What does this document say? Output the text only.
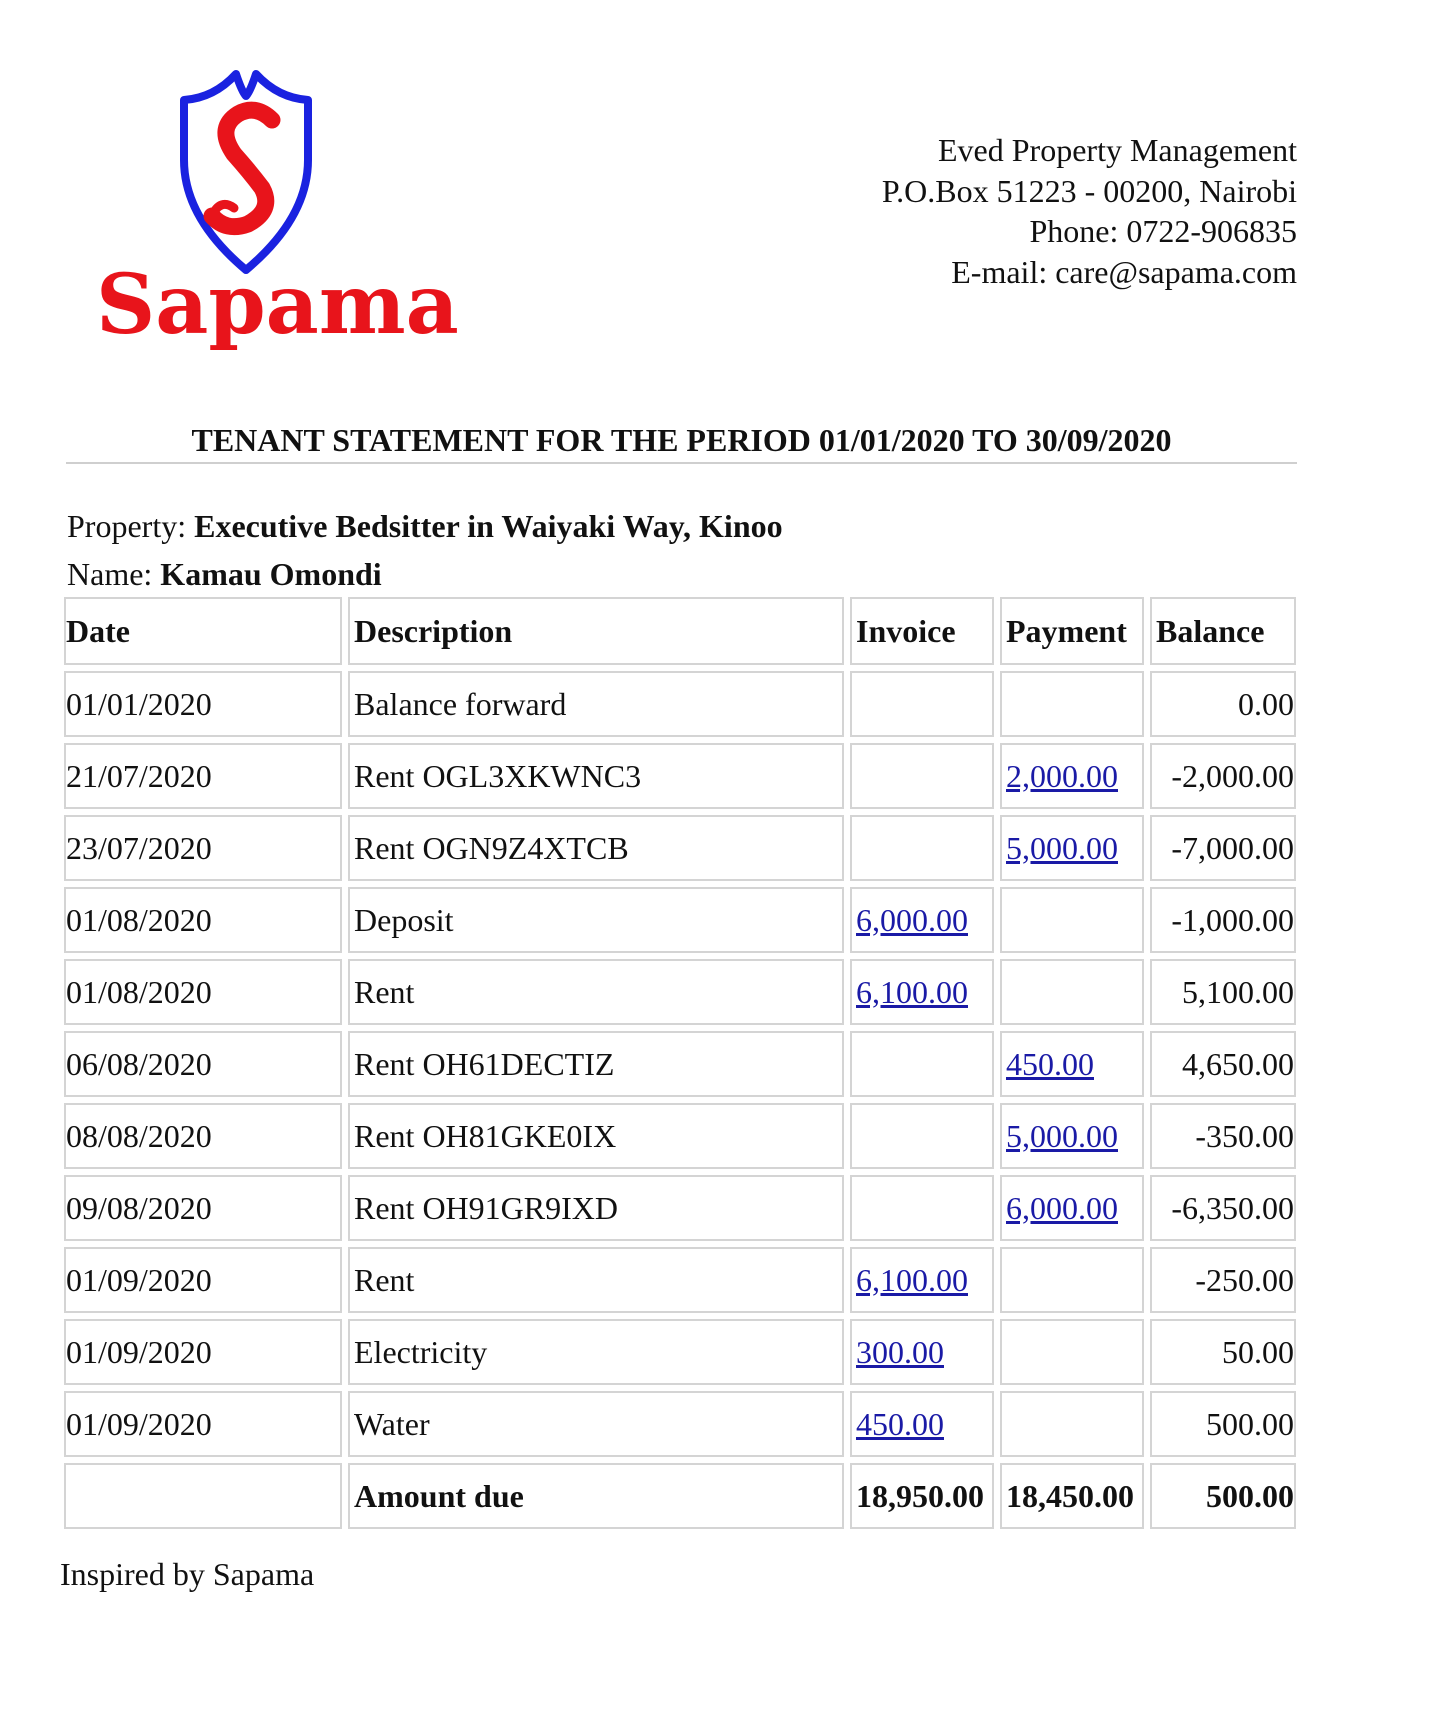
Sapama
Eved Property Management
P.O.Box 51223 - 00200, Nairobi
Phone: 0722-906835
E-mail: care@sapama.com
TENANT STATEMENT FOR THE PERIOD 01/01/2020 TO 30/09/2020
Property: Executive Bedsitter in Waiyaki Way, Kinoo
Name: Kamau Omondi
Date	Description	Invoice	Payment	Balance
01/01/2020	Balance forward			0.00
21/07/2020	Rent OGL3XKWNC3		2,000.00	-2,000.00
23/07/2020	Rent OGN9Z4XTCB		5,000.00	-7,000.00
01/08/2020	Deposit	6,000.00		-1,000.00
01/08/2020	Rent	6,100.00		5,100.00
06/08/2020	Rent OH61DECTIZ		450.00	4,650.00
08/08/2020	Rent OH81GKE0IX		5,000.00	-350.00
09/08/2020	Rent OH91GR9IXD		6,000.00	-6,350.00
01/09/2020	Rent	6,100.00		-250.00
01/09/2020	Electricity	300.00		50.00
01/09/2020	Water	450.00		500.00
	Amount due	18,950.00	18,450.00	500.00
Inspired by Sapama
